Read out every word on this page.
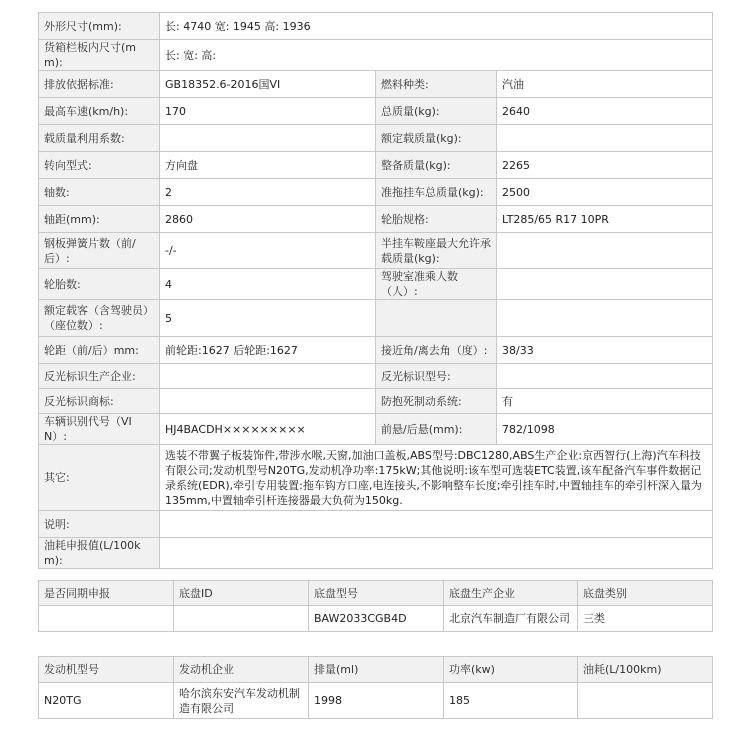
外形尺寸(mm):	长: 4740 宽: 1945 高: 1936		
货箱栏板内尺寸(mm):	长: 宽: 高:		
排放依据标准:	GB18352.6-2016国VI	燃料种类:	汽油
最高车速(km/h):	170	总质量(kg):	2640
载质量利用系数:		额定载质量(kg):	
转向型式:	方向盘	整备质量(kg):	2265
轴数:	2	准拖挂车总质量(kg):	2500
轴距(mm):	2860	轮胎规格:	LT285/65 R17 10PR
钢板弹簧片数（前/后）:	-/-	半挂车鞍座最大允许承载质量(kg):	
轮胎数:	4	驾驶室准乘人数（人）:	
额定载客（含驾驶员）（座位数）:	5		
轮距（前/后）mm:	前轮距:1627 后轮距:1627	接近角/离去角（度）:	38/33
反光标识生产企业:		反光标识型号:	
反光标识商标:		防抱死制动系统:	有
车辆识别代号（VIN）:	HJ4BACDH×××××××××	前悬/后悬(mm):	782/1098
其它:	选装不带翼子板装饰件,带涉水喉,天窗,加油口盖板,ABS型号:DBC1280,ABS生产企业:京西智行(上海)汽车科技有限公司;发动机型号N20TG,发动机净功率:175kW;其他说明:该车型可选装ETC装置,该车配备汽车事件数据记录系统(EDR),牵引专用装置:拖车钩方口座,电连接头,不影响整车长度;牵引挂车时,中置轴挂车的牵引杆深入量为135mm,中置轴牵引杆连接器最大负荷为150kg.		
说明:			
油耗申报值(L/100km):			
是否同期申报	底盘ID	底盘型号	底盘生产企业	底盘类别
		BAW2033CGB4D	北京汽车制造厂有限公司	三类
发动机型号	发动机企业	排量(ml)	功率(kw)	油耗(L/100km)
N20TG	哈尔滨东安汽车发动机制造有限公司	1998	185	
